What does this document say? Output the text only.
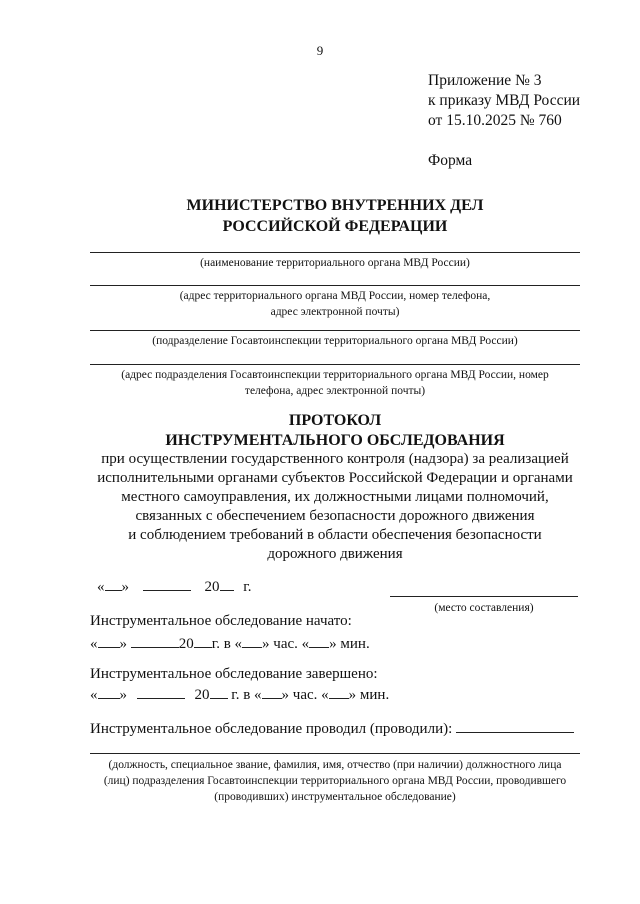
9
Приложение № 3
к приказу МВД России
от 15.10.2025 № 760
Форма
МИНИСТЕРСТВО ВНУТРЕННИХ ДЕЛ
РОССИЙСКОЙ ФЕДЕРАЦИИ
(наименование территориального органа МВД России)
(адрес территориального органа МВД России, номер телефона,
адрес электронной почты)
(подразделение Госавтоинспекции территориального органа МВД России)
(адрес подразделения Госавтоинспекции территориального органа МВД России, номер
телефона, адрес электронной почты)
ПРОТОКОЛ
ИНСТРУМЕНТАЛЬНОГО ОБСЛЕДОВАНИЯ
при осуществлении государственного контроля (надзора) за реализацией
исполнительными органами субъектов Российской Федерации и органами
местного самоуправления, их должностными лицами полномочий,
связанных с обеспечением безопасности дорожного движения
и соблюдением требований в области обеспечения безопасности
дорожного движения
« »	20 г.
(место составления)
Инструментальное обследование начато:
« »	20 г. в « » час. « » мин.
Инструментальное обследование завершено:
« »	20 г. в « » час. « » мин.
Инструментальное обследование проводил (проводили):
(должность, специальное звание, фамилия, имя, отчество (при наличии) должностного лица
(лиц) подразделения Госавтоинспекции территориального органа МВД России, проводившего
(проводивших) инструментальное обследование)
